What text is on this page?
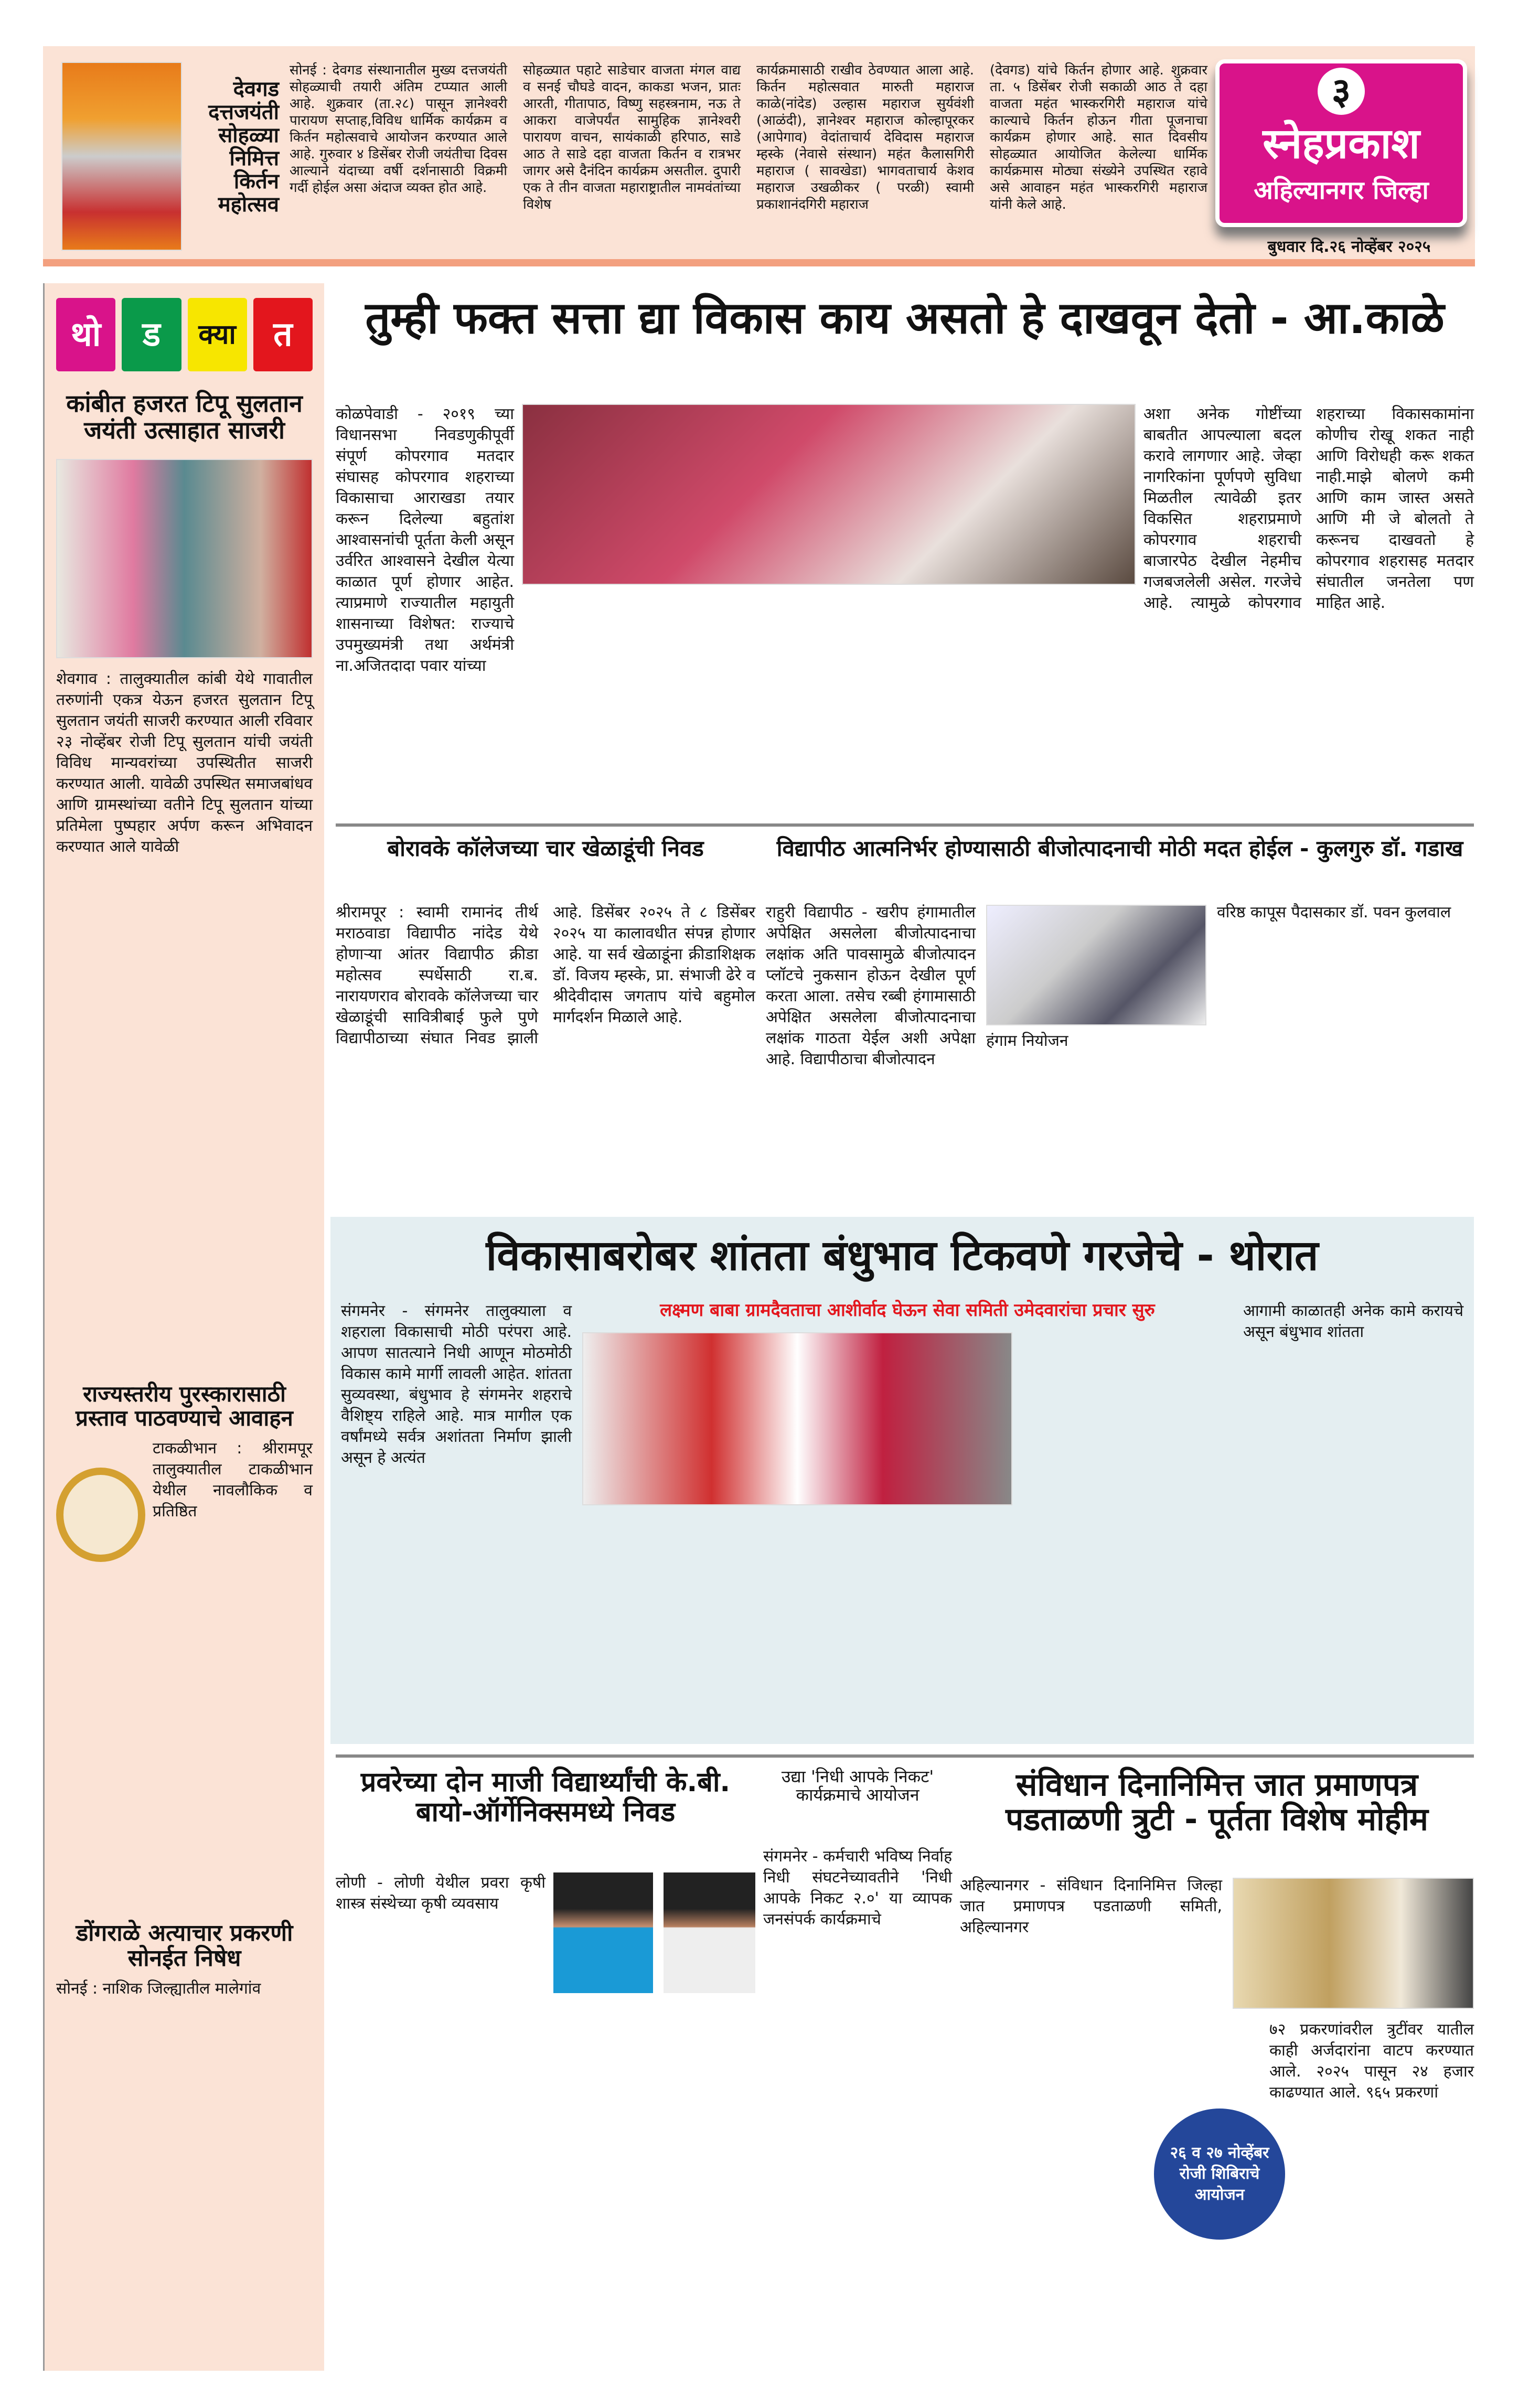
देवगड
दत्तजयंती
सोहळ्या
निमित्त किर्तन
महोत्सव

सोनई : देवगड संस्थानातील मुख्य दत्तजयंती सोहळ्याची तयारी अंतिम टप्प्यात आली आहे. शुक्रवार (ता.२८) पासून ज्ञानेश्वरी पारायण सप्ताह,विविध धार्मिक कार्यक्रम व किर्तन महोत्सवाचे आयोजन करण्यात आले आहे. गुरुवार ४ डिसेंबर रोजी जयंतीचा दिवस आल्याने यंदाच्या वर्षी दर्शनासाठी विक्रमी गर्दी होईल असा अंदाज व्यक्त होत आहे.

सोहळ्यात पहाटे साडेचार वाजता मंगल वाद्य व सनई चौघडे वादन, काकडा भजन, प्रातः आरती, गीतापाठ, विष्णु सहस्त्रनाम, नऊ ते आकरा वाजेपर्यंत सामुहिक ज्ञानेश्वरी पारायण वाचन, सायंकाळी हरिपाठ, साडे आठ ते साडे दहा वाजता किर्तन व रात्रभर जागर असे दैनंदिन कार्यक्रम असतील. दुपारी एक ते तीन वाजता महाराष्ट्रातील नामवंतांच्या विशेष

कार्यक्रमासाठी राखीव ठेवण्यात आला आहे. किर्तन महोत्सवात मारुती महाराज काळे(नांदेड) उल्हास महाराज सुर्यवंशी (आळंदी), ज्ञानेश्वर महाराज कोल्हापूरकर (आपेगाव) वेदांताचार्य देविदास महाराज म्हस्के (नेवासे संस्थान) महंत कैलासगिरी महाराज ( सावखेडा) भागवताचार्य केशव महाराज उखळीकर ( परळी) स्वामी प्रकाशानंदगिरी महाराज

(देवगड) यांचे किर्तन होणार आहे. शुक्रवार ता. ५ डिसेंबर रोजी सकाळी आठ ते दहा वाजता महंत भास्करगिरी महाराज यांचे काल्याचे किर्तन होऊन गीता पूजनाचा कार्यक्रम होणार आहे. सात दिवसीय सोहळ्यात आयोजित केलेल्या धार्मिक कार्यक्रमास मोठ्या संख्येने उपस्थित रहावे असे आवाहन महंत भास्करगिरी महाराज यांनी केले आहे.

३
स्नेहप्रकाश
अहिल्यानगर जिल्हा
बुधवार दि.२६ नोव्हेंबर २०२५
थो	ड	क्या	त
कांबीत हजरत टिपू सुलतान जयंती उत्साहात साजरी

शेवगाव : तालुक्यातील कांबी येथे गावातील तरुणांनी एकत्र येऊन हजरत सुलतान टिपू सुलतान जयंती साजरी करण्यात आली रविवार २३ नोव्हेंबर रोजी टिपू सुलतान यांची जयंती विविध मान्यवरांच्या उपस्थितीत साजरी करण्यात आली. यावेळी उपस्थित समाजबांधव आणि ग्रामस्थांच्या वतीने टिपू सुलतान यांच्या प्रतिमेला पुष्पहार अर्पण करून अभिवादन करण्यात आले यावेळी

राज्यस्तरीय पुरस्कारासाठी प्रस्ताव पाठवण्याचे आवाहन

टाकळीभान : श्रीरामपूर तालुक्यातील टाकळीभान येथील नावलौकिक व प्रतिष्ठित

डोंगराळे अत्याचार प्रकरणी सोनईत निषेध

सोनई : नाशिक जिल्ह्यातील मालेगांव

तुम्ही फक्त सत्ता द्या विकास काय असतो हे दाखवून देतो - आ.काळे

कोळपेवाडी - २०१९ च्या विधानसभा निवडणुकीपूर्वी संपूर्ण कोपरगाव मतदार संघासह कोपरगाव शहराच्या विकासाचा आराखडा तयार करून दिलेल्या बहुतांश आश्वासनांची पूर्तता केली असून उर्वरित आश्वासने देखील येत्या काळात पूर्ण होणार आहेत. त्याप्रमाणे राज्यातील महायुती शासनाच्या विशेषत: राज्याचे उपमुख्यमंत्री तथा अर्थमंत्री ना.अजितदादा पवार यांच्या

अशा अनेक गोष्टींच्या बाबतीत आपल्याला बदल करावे लागणार आहे. जेव्हा नागरिकांना पूर्णपणे सुविधा मिळतील त्यावेळी इतर विकसित शहराप्रमाणे कोपरगाव शहराची बाजारपेठ देखील नेहमीच गजबजलेली असेल. गरजेचे आहे. त्यामुळे कोपरगाव शहराच्या विकासकामांना कोणीच रोखू शकत नाही आणि विरोधही करू शकत नाही.माझे बोलणे कमी आणि काम जास्त असते आणि मी जे बोलतो ते करूनच दाखवतो हे कोपरगाव शहरासह मतदार संघातील जनतेला पण माहित आहे.

बोरावके कॉलेजच्या चार खेळाडूंची निवड

श्रीरामपूर : स्वामी रामानंद तीर्थ मराठवाडा विद्यापीठ नांदेड येथे होणाऱ्या आंतर विद्यापीठ क्रीडा महोत्सव स्पर्धेसाठी रा.ब. नारायणराव बोरावके कॉलेजच्या चार खेळाडूंची सावित्रीबाई फुले पुणे विद्यापीठाच्या संघात निवड झाली आहे. डिसेंबर २०२५ ते ८ डिसेंबर २०२५ या कालावधीत संपन्न होणार आहे. या सर्व खेळाडूंना क्रीडाशिक्षक डॉ. विजय म्हस्के, प्रा. संभाजी ढेरे व श्रीदेवीदास जगताप यांचे बहुमोल मार्गदर्शन मिळाले आहे.

विद्यापीठ आत्मनिर्भर होण्यासाठी बीजोत्पादनाची मोठी मदत होईल - कुलगुरु डॉ. गडाख

राहुरी विद्यापीठ - खरीप हंगामातील अपेक्षित असलेला बीजोत्पादनाचा लक्षांक अति पावसामुळे बीजोत्पादन प्लॉटचे नुकसान होऊन देखील पूर्ण करता आला. तसेच रब्बी हंगामासाठी अपेक्षित असलेला बीजोत्पादनाचा लक्षांक गाठता येईल अशी अपेक्षा आहे. विद्यापीठाचा बीजोत्पादन

हंगाम नियोजन

वरिष्ठ कापूस पैदासकार डॉ. पवन कुलवाल

विकासाबरोबर शांतता बंधुभाव टिकवणे गरजेचे - थोरात

संगमनेर - संगमनेर तालुक्याला व शहराला विकासाची मोठी परंपरा आहे. आपण सातत्याने निधी आणून मोठमोठी विकास कामे मार्गी लावली आहेत. शांतता सुव्यवस्था, बंधुभाव हे संगमनेर शहराचे वैशिष्ट्य राहिले आहे. मात्र मागील एक वर्षांमध्ये सर्वत्र अशांतता निर्माण झाली असून हे अत्यंत

लक्ष्मण बाबा ग्रामदैवताचा आशीर्वाद घेऊन सेवा समिती उमेदवारांचा प्रचार सुरु	आगामी काळातही अनेक कामे करायचे असून बंधुभाव शांतता

प्रवरेच्या दोन माजी विद्यार्थ्यांची के.बी. बायो-ऑर्गेनिक्समध्ये निवड

लोणी - लोणी येथील प्रवरा कृषी शास्त्र संस्थेच्या कृषी व्यवसाय

उद्या 'निधी आपके निकट' कार्यक्रमाचे आयोजन

संगमनेर - कर्मचारी भविष्य निर्वाह निधी संघटनेच्यावतीने 'निधी आपके निकट २.०' या व्यापक जनसंपर्क कार्यक्रमाचे

संविधान दिनानिमित्त जात प्रमाणपत्र पडताळणी त्रुटी - पूर्तता विशेष मोहीम

अहिल्यानगर - संविधान दिनानिमित्त जिल्हा जात प्रमाणपत्र पडताळणी समिती, अहिल्यानगर

७२ प्रकरणांवरील त्रुटींवर यातील काही अर्जदारांना वाटप करण्यात आले. २०२५ पासून २४ हजार काढण्यात आले. ९६५ प्रकरणां

२६ व २७ नोव्हेंबर रोजी शिबिराचे आयोजन
